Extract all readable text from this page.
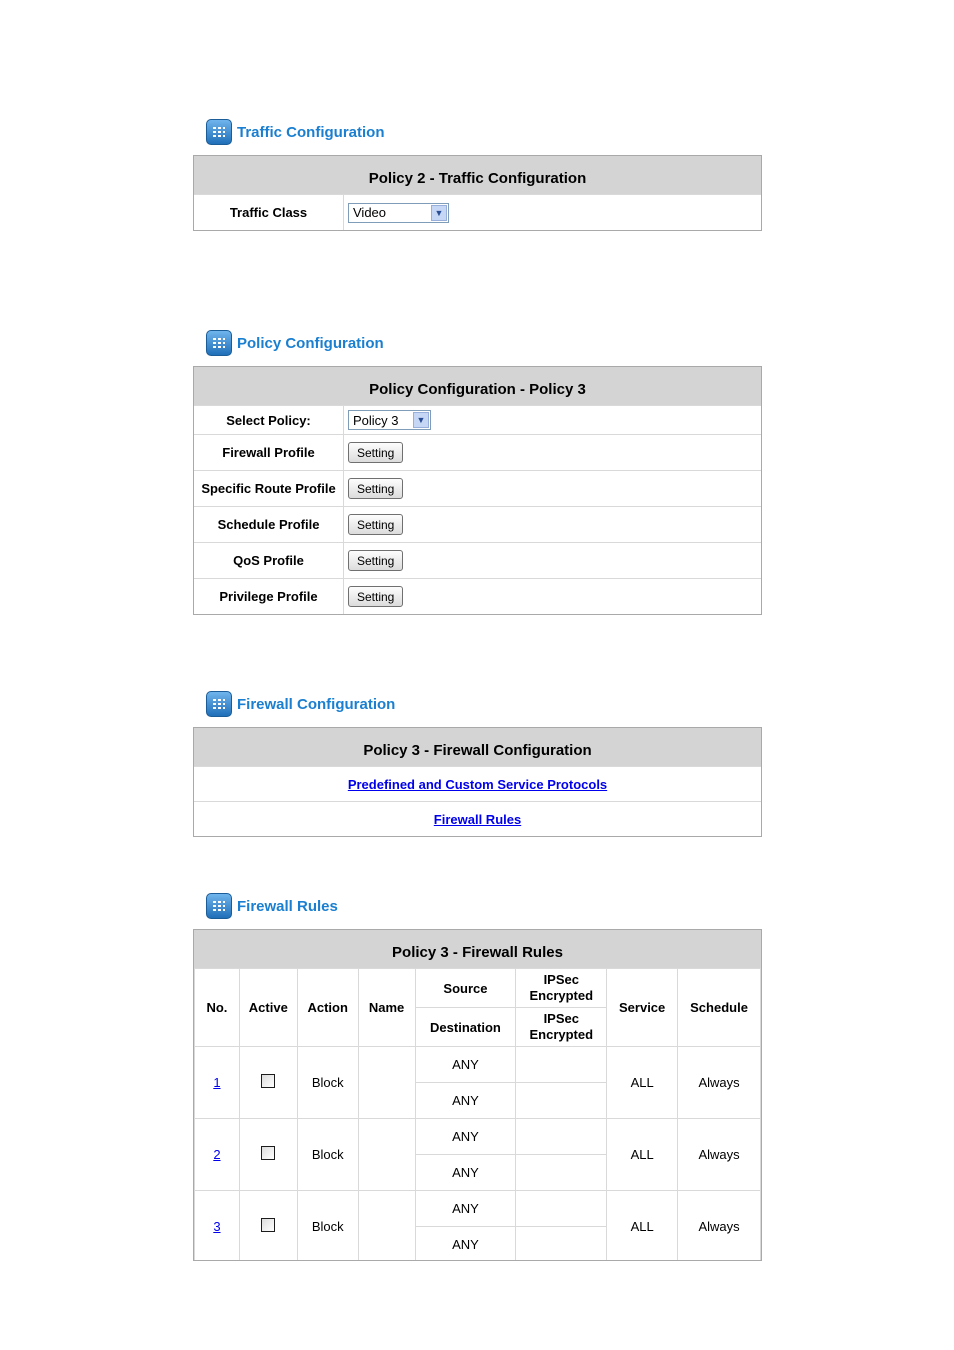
Traffic Configuration
Policy 2 - Traffic Configuration
Traffic Class	Video	▼
Policy Configuration
Policy Configuration - Policy 3
Select Policy:	Policy 3	▼
Firewall Profile	Setting
Specific Route Profile	Setting
Schedule Profile	Setting
QoS Profile	Setting
Privilege Profile	Setting
Firewall Configuration
Policy 3 - Firewall Configuration
Predefined and Custom Service Protocols
Firewall Rules
Firewall Rules
Policy 3 - Firewall Rules
No.	Active	Action	Name	Source	IPSec Encrypted	Service	Schedule
				Destination	IPSec Encrypted		
1		Block		ANY		ALL	Always
				ANY			
2		Block		ANY		ALL	Always
				ANY			
3		Block		ANY		ALL	Always
				ANY			
